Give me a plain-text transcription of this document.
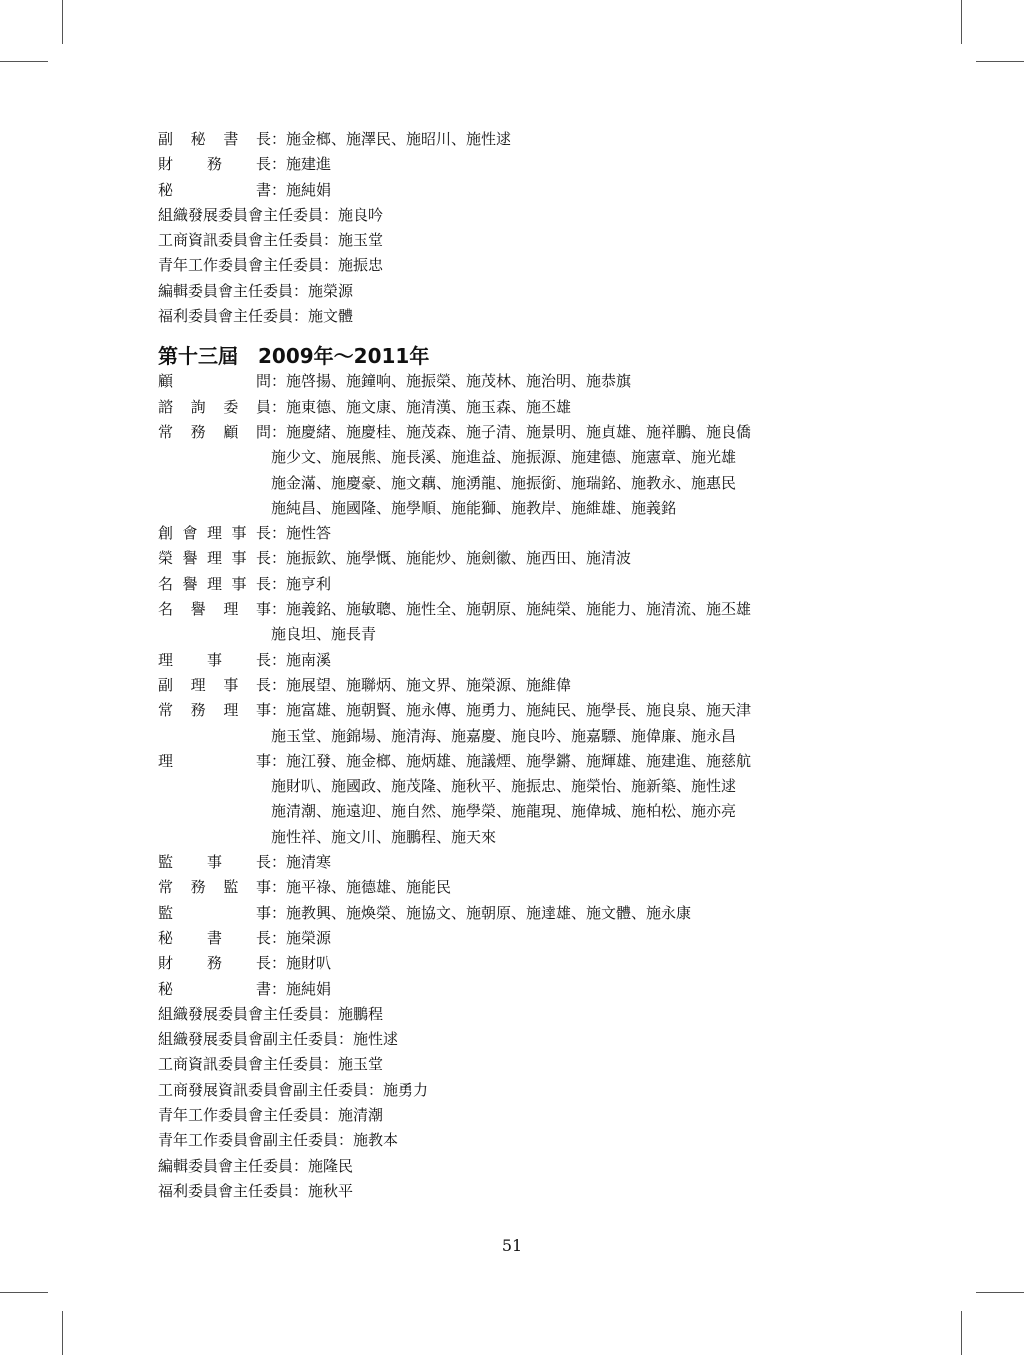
副秘書長 ：施金榔、施澤民、施昭川、施性逑
財務長 ：施建進
秘書 ：施純娟
組織發展委員會主任委員 ：施良吟
工商資訊委員會主任委員 ：施玉堂
青年工作委員會主任委員 ：施振忠
編輯委員會主任委員 ：施榮源
福利委員會主任委員 ：施文體
第十三屆　2009年～2011年
顧問 ：施啓揚、施鐘响、施振榮、施茂林、施治明、施恭旗
諮詢委員 ：施東德、施文康、施清漢、施玉森、施丕雄
常務顧問 ：施慶緒、施慶桂、施茂森、施子清、施景明、施貞雄、施祥鵬、施良僑
施少文、施展熊、施長溪、施進益、施振源、施建德、施憲章、施光雄
施金滿、施慶豪、施文藕、施湧龍、施振銜、施瑞銘、施教永、施惠民
施純昌、施國隆、施學順、施能獅、施教岸、施維雄、施義銘
創會理事長 ：施性答
榮譽理事長 ：施振欽、施學慨、施能炒、施劍徽、施西田、施清波
名譽理事長 ：施亨利
名譽理事 ：施義銘、施敏聰、施性全、施朝原、施純榮、施能力、施清流、施丕雄
施良坦、施長青
理事長 ：施南溪
副理事長 ：施展望、施聯炳、施文界、施榮源、施維偉
常務理事 ：施富雄、施朝賢、施永傳、施勇力、施純民、施學長、施良泉、施天津
施玉堂、施錦場、施清海、施嘉慶、施良吟、施嘉驃、施偉廉、施永昌
理事 ：施江發、施金榔、施炳雄、施議煙、施學鏘、施輝雄、施建進、施慈航
施財叭、施國政、施茂隆、施秋平、施振忠、施榮怡、施新築、施性逑
施清潮、施遠迎、施自然、施學榮、施龍現、施偉城、施柏松、施亦亮
施性祥、施文川、施鵬程、施天來
監事長 ：施清寒
常務監事 ：施平祿、施德雄、施能民
監事 ：施教興、施煥榮、施協文、施朝原、施達雄、施文體、施永康
秘書長 ：施榮源
財務長 ：施財叭
秘書 ：施純娟
組織發展委員會主任委員 ：施鵬程
組織發展委員會副主任委員 ：施性逑
工商資訊委員會主任委員 ：施玉堂
工商發展資訊委員會副主任委員 ：施勇力
青年工作委員會主任委員 ：施清潮
青年工作委員會副主任委員 ：施教本
編輯委員會主任委員 ：施隆民
福利委員會主任委員 ：施秋平
51
